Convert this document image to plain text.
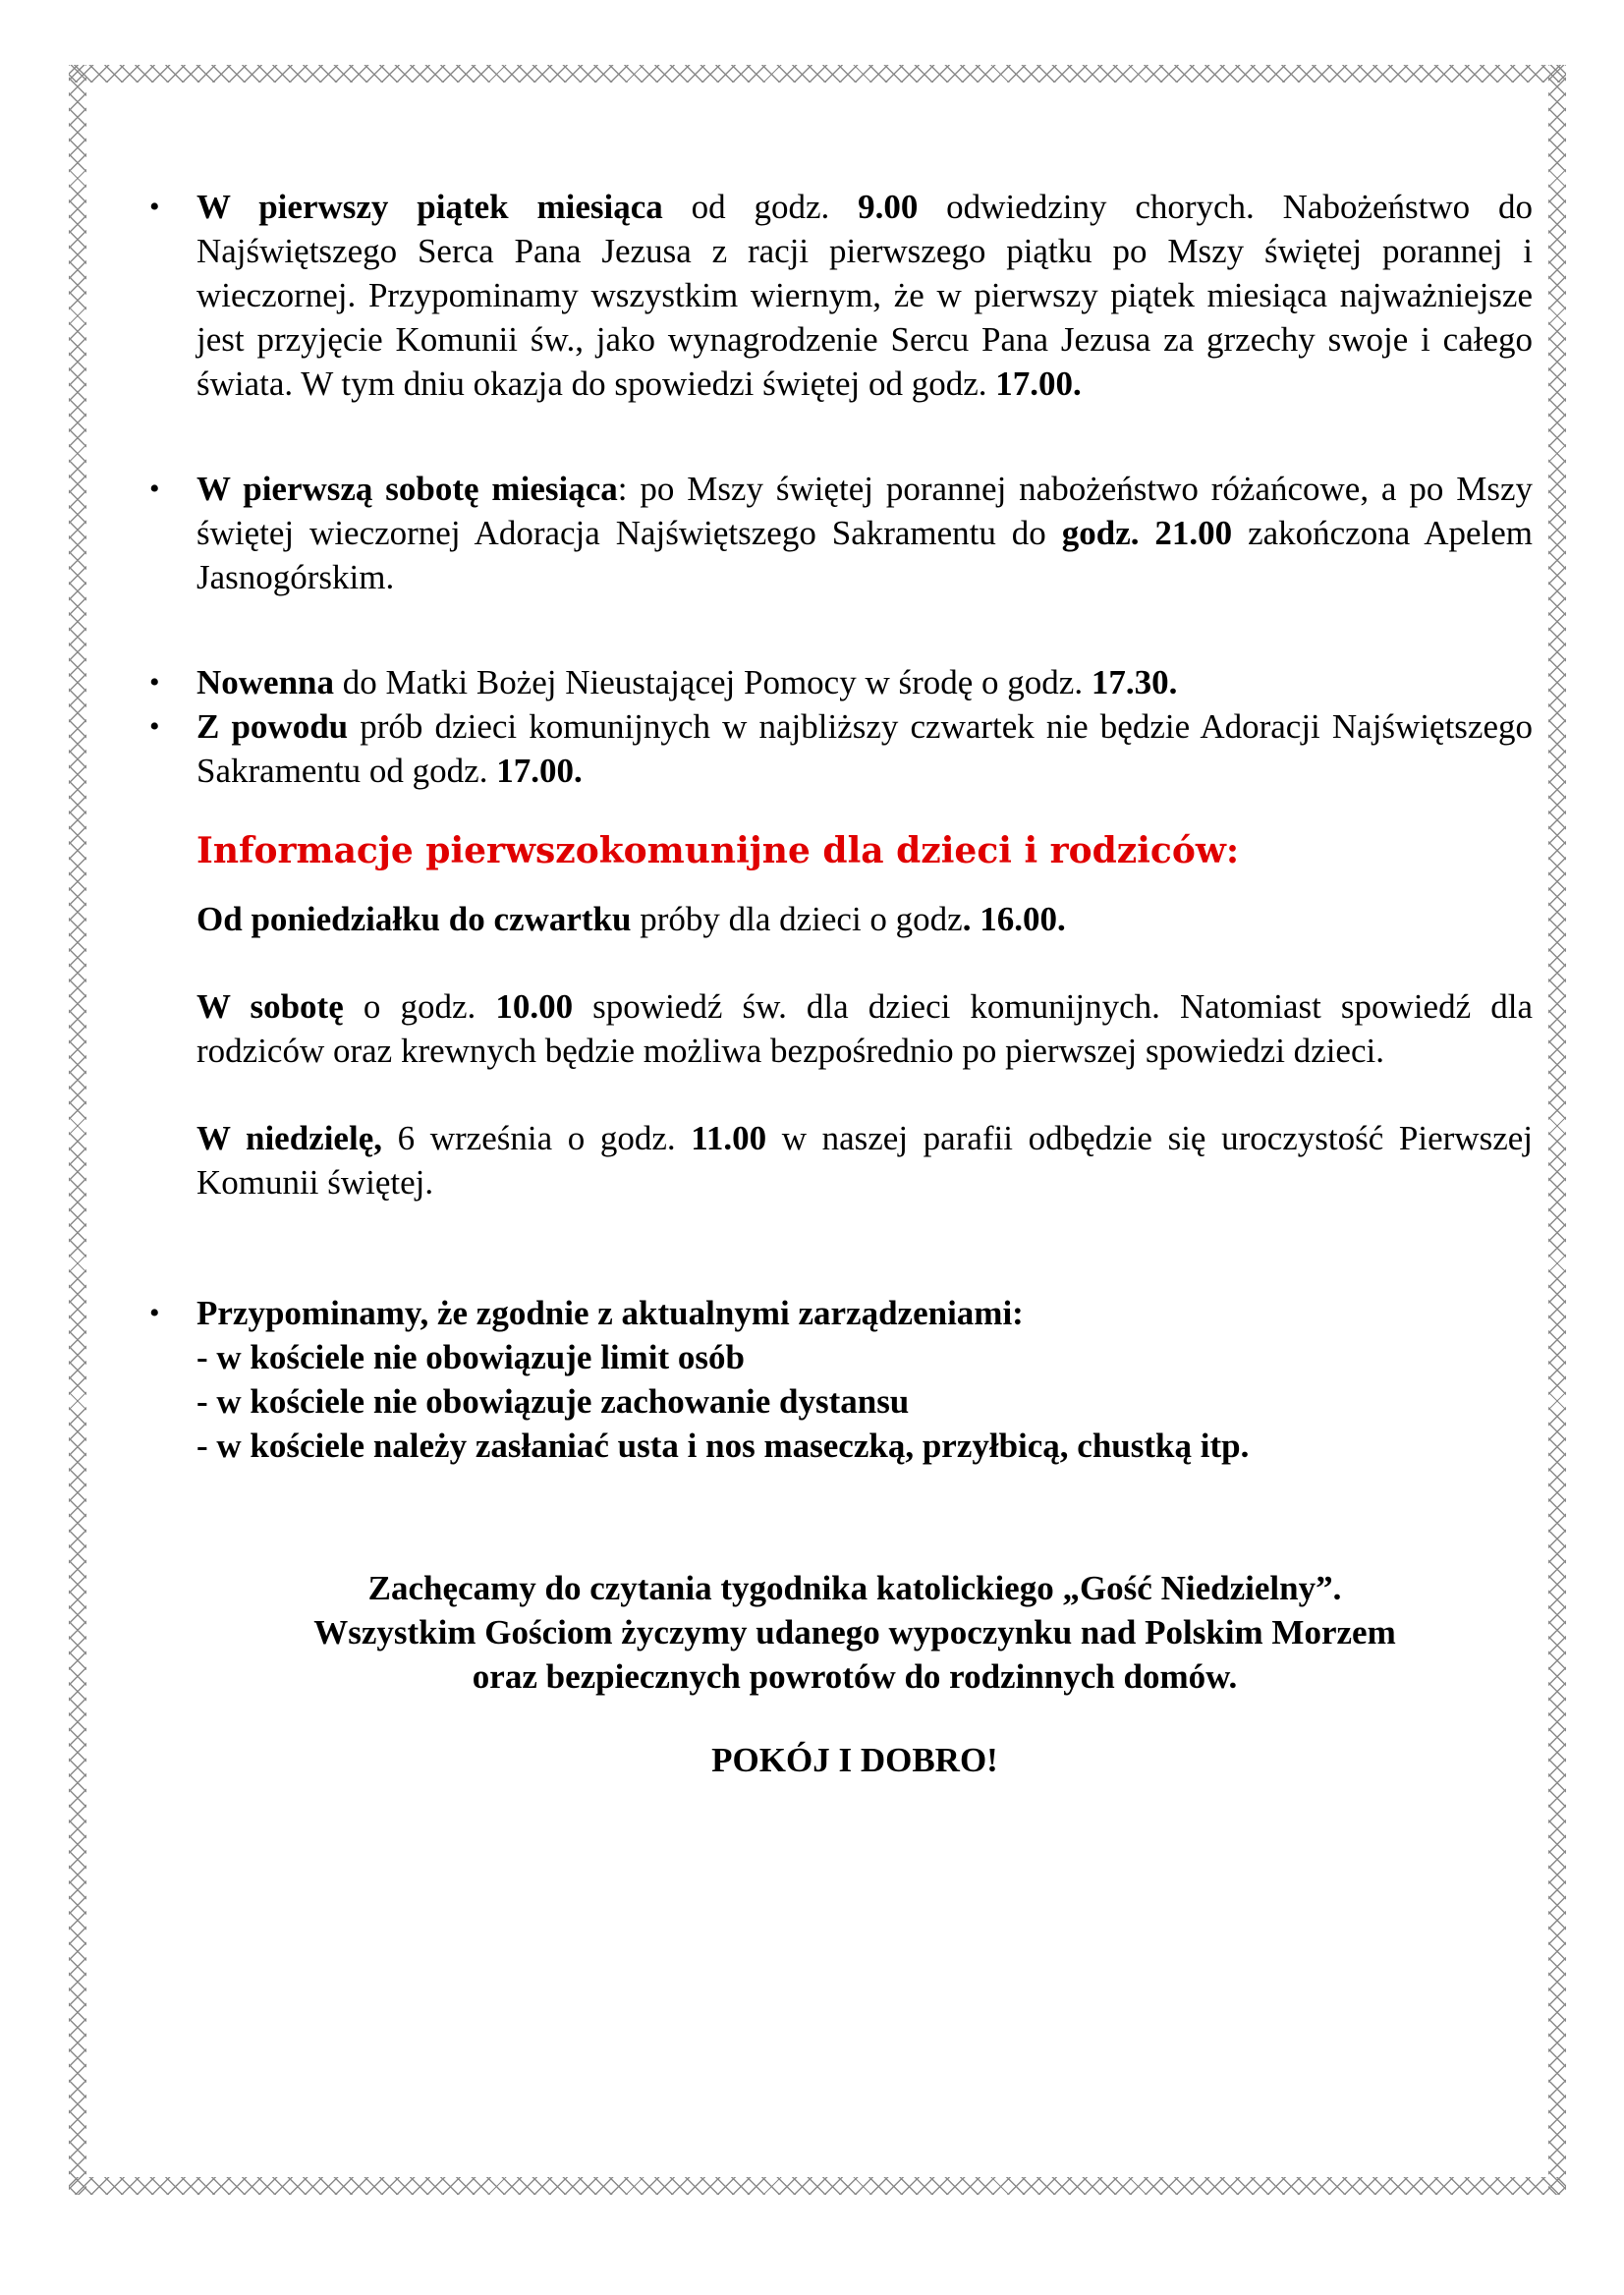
• W pierwszy piątek miesiąca od godz. 9.00 odwiedziny chorych. Nabożeństwo do Najświętszego Serca Pana Jezusa z racji pierwszego piątku po Mszy świętej porannej i wieczornej. Przypominamy wszystkim wiernym, że w pierwszy piątek miesiąca najważniejsze jest przyjęcie Komunii św., jako wynagrodzenie Sercu Pana Jezusa za grzechy swoje i całego świata. W tym dniu okazja do spowiedzi świętej od godz. 17.00.
• W pierwszą sobotę miesiąca: po Mszy świętej porannej nabożeństwo różańcowe, a po Mszy świętej wieczornej Adoracja Najświętszego Sakramentu do godz. 21.00 zakończona Apelem Jasnogórskim.
• Nowenna do Matki Bożej Nieustającej Pomocy w środę o godz. 17.30.
• Z powodu prób dzieci komunijnych w najbliższy czwartek nie będzie Adoracji Najświętszego Sakramentu od godz. 17.00.
Informacje pierwszokomunijne dla dzieci i rodziców:

Od poniedziałku do czwartku próby dla dzieci o godz. 16.00.

W sobotę o godz. 10.00 spowiedź św. dla dzieci komunijnych. Natomiast spowiedź dla rodziców oraz krewnych będzie możliwa bezpośrednio po pierwszej spowiedzi dzieci.

W niedzielę, 6 września o godz. 11.00 w naszej parafii odbędzie się uroczystość Pierwszej Komunii świętej.

• Przypominamy, że zgodnie z aktualnymi zarządzeniami:
- w kościele nie obowiązuje limit osób
- w kościele nie obowiązuje zachowanie dystansu
- w kościele należy zasłaniać usta i nos maseczką, przyłbicą, chustką itp.
Zachęcamy do czytania tygodnika katolickiego „Gość Niedzielny”.
Wszystkim Gościom życzymy udanego wypoczynku nad Polskim Morzem
oraz bezpiecznych powrotów do rodzinnych domów.
POKÓJ I DOBRO!
